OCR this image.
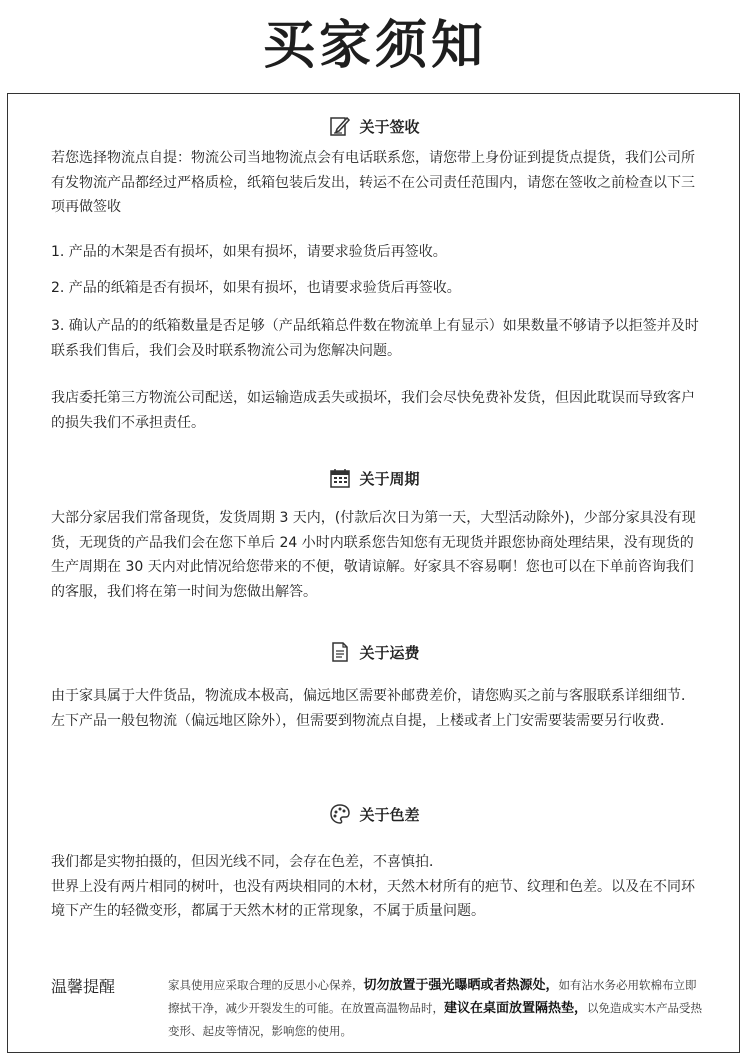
买家须知
关于签收

若您选择物流点自提：物流公司当地物流点会有电话联系您，请您带上身份证到提货点提货，我们公司所有发物流产品都经过严格质检，纸箱包装后发出，转运不在公司责任范围内，请您在签收之前检查以下三项再做签收

1. 产品的木架是否有损坏，如果有损坏，请要求验货后再签收。

2. 产品的纸箱是否有损坏，如果有损坏，也请要求验货后再签收。

3. 确认产品的的纸箱数量是否足够（产品纸箱总件数在物流单上有显示）如果数量不够请予以拒签并及时联系我们售后，我们会及时联系物流公司为您解决问题。

我店委托第三方物流公司配送，如运输造成丢失或损坏，我们会尽快免费补发货，但因此耽误而导致客户的损失我们不承担责任。

关于周期

大部分家居我们常备现货，发货周期 3 天内，(付款后次日为第一天，大型活动除外)，少部分家具没有现货，无现货的产品我们会在您下单后 24 小时内联系您告知您有无现货并跟您协商处理结果，没有现货的生产周期在 30 天内对此情况给您带来的不便，敬请谅解。好家具不容易啊！您也可以在下单前咨询我们的客服，我们将在第一时间为您做出解答。

关于运费

由于家具属于大件货品，物流成本极高，偏远地区需要补邮费差价，请您购买之前与客服联系详细细节．左下产品一般包物流（偏远地区除外），但需要到物流点自提，上楼或者上门安需要装需要另行收费．

关于色差

我们都是实物拍摄的，但因光线不同，会存在色差，不喜慎拍．

世界上没有两片相同的树叶，也没有两块相同的木材，天然木材所有的疤节、纹理和色差。以及在不同环境下产生的轻微变形，都属于天然木材的正常现象，不属于质量问题。

温馨提醒	家具使用应采取合理的反思小心保养，切勿放置于强光曝晒或者热源处，如有沾水务必用软棉布立即擦拭干净，减少开裂发生的可能。在放置高温物品时，建议在桌面放置隔热垫，以免造成实木产品受热变形、起皮等情况，影响您的使用。
